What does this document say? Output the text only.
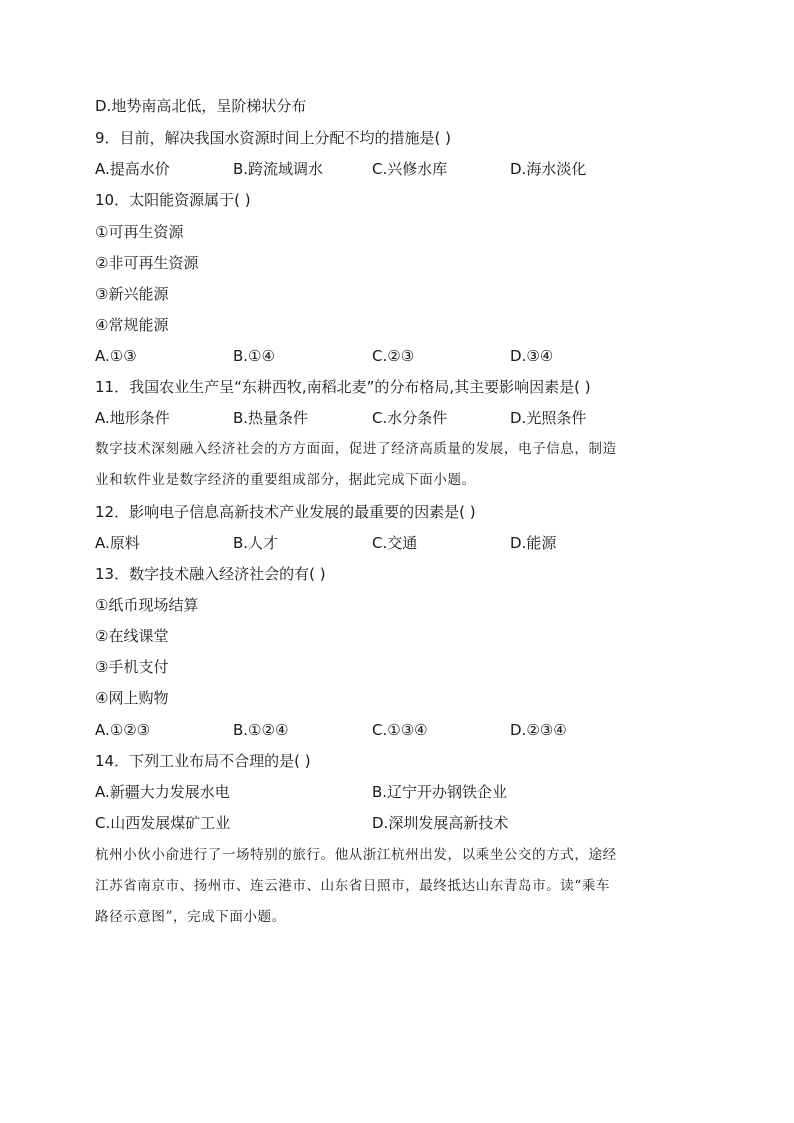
D.地势南高北低，呈阶梯状分布
9．目前，解决我国水资源时间上分配不均的措施是( )
A.提高水价	B.跨流域调水	C.兴修水库	D.海水淡化
10．太阳能资源属于( )
①可再生资源
②非可再生资源
③新兴能源
④常规能源
A.①③	B.①④	C.②③	D.③④
11．我国农业生产呈“东耕西牧,南稻北麦”的分布格局,其主要影响因素是( )
A.地形条件	B.热量条件	C.水分条件	D.光照条件
数字技术深刻融入经济社会的方方面面，促进了经济高质量的发展，电子信息，制造
业和软件业是数字经济的重要组成部分，据此完成下面小题。
12．影响电子信息高新技术产业发展的最重要的因素是( )
A.原料	B.人才	C.交通	D.能源
13．数字技术融入经济社会的有( )
①纸币现场结算
②在线课堂
③手机支付
④网上购物
A.①②③	B.①②④	C.①③④	D.②③④
14．下列工业布局不合理的是( )
A.新疆大力发展水电	B.辽宁开办钢铁企业
C.山西发展煤矿工业	D.深圳发展高新技术
杭州小伙小俞进行了一场特别的旅行。他从浙江杭州出发，以乘坐公交的方式，途经
江苏省南京市、扬州市、连云港市、山东省日照市，最终抵达山东青岛市。读“乘车
路径示意图”，完成下面小题。
